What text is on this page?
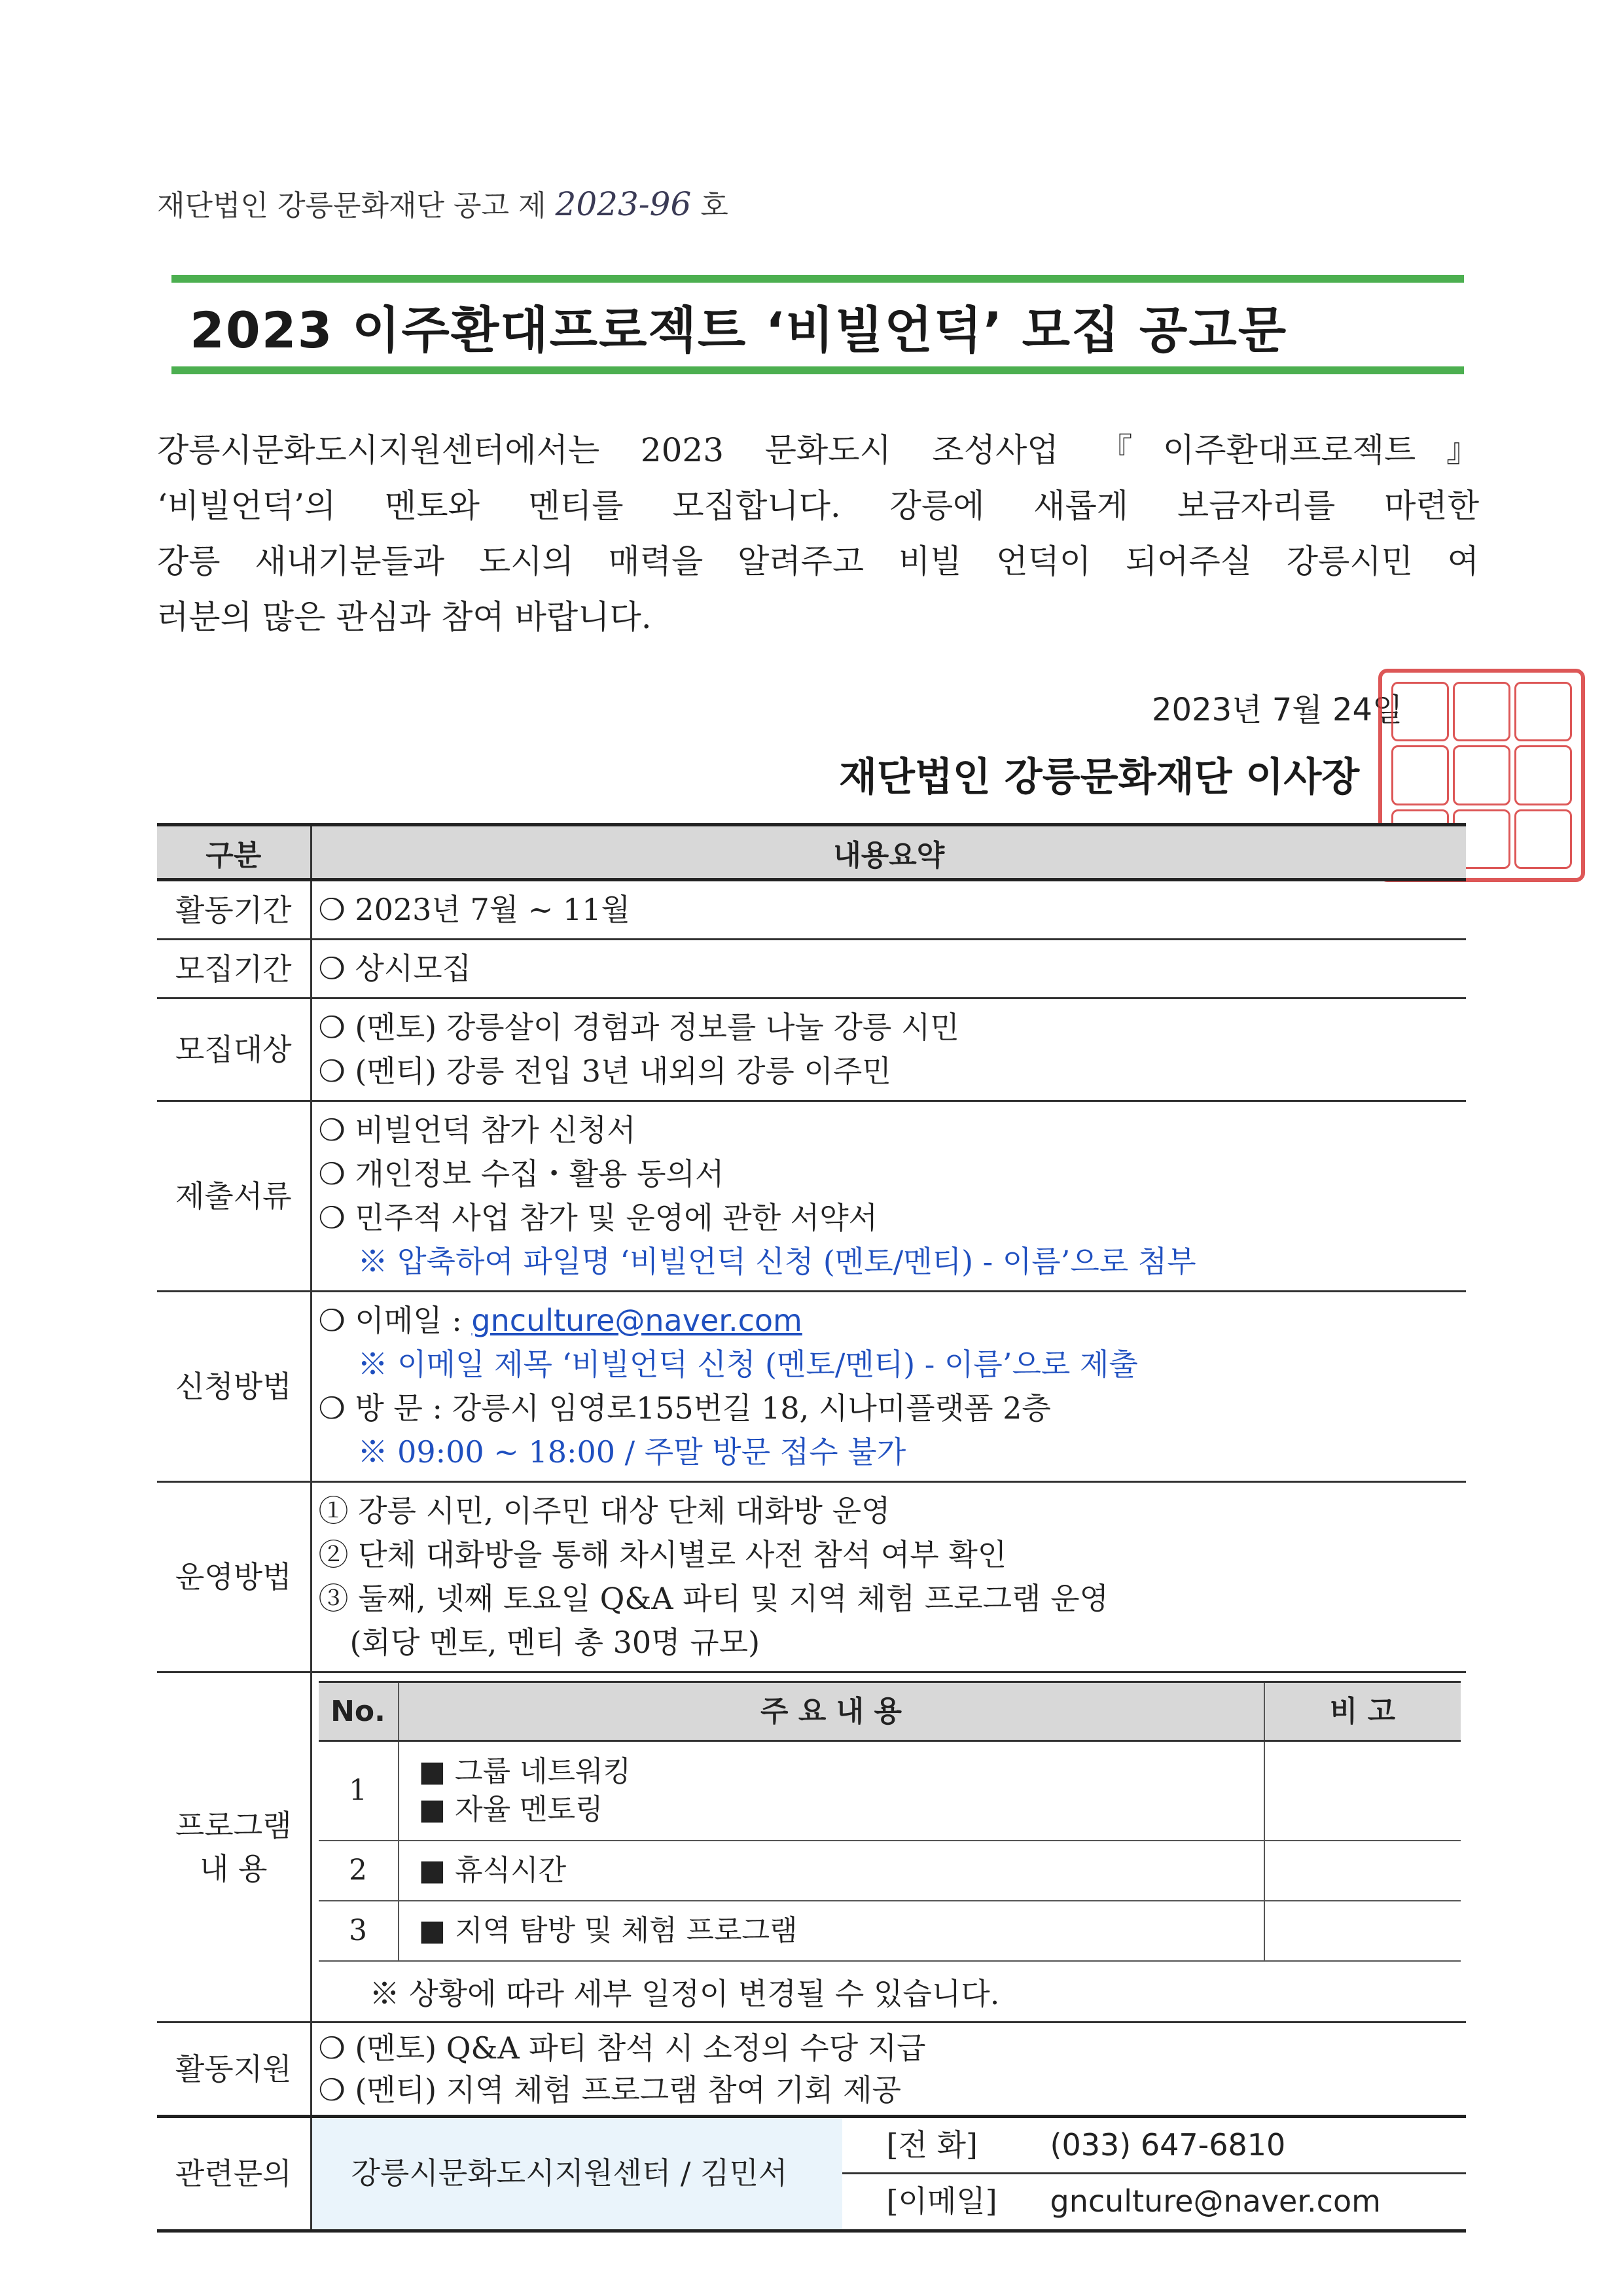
재단법인 강릉문화재단 공고 제 2023-96 호
2023 이주환대프로젝트 ‘비빌언덕’ 모집 공고문

강릉시문화도시지원센터에서는 2023 문화도시 조성사업 『이주환대프로젝트』

‘비빌언덕’의 멘토와 멘티를 모집합니다. 강릉에 새롭게 보금자리를 마련한

강릉 새내기분들과 도시의 매력을 알려주고 비빌 언덕이 되어주실 강릉시민 여

러분의 많은 관심과 참여 바랍니다.

2023년 7월 24일
재단법인 강릉문화재단 이사장
구분	내용요약
활동기간	❍ 2023년 7월 ~ 11월
모집기간	❍ 상시모집
모집대상	
❍ (멘토) 강릉살이 경험과 정보를 나눌 강릉 시민
❍ (멘티) 강릉 전입 3년 내외의 강릉 이주민

제출서류	
❍ 비빌언덕 참가 신청서
❍ 개인정보 수집・활용 동의서
❍ 민주적 사업 참가 및 운영에 관한 서약서
※ 압축하여 파일명 ‘비빌언덕 신청 (멘토/멘티) - 이름’으로 첨부

신청방법	
❍ 이메일 : gnculture@naver.com
※ 이메일 제목 ‘비빌언덕 신청 (멘토/멘티) - 이름’으로 제출
❍ 방 문 : 강릉시 임영로155번길 18, 시나미플랫폼 2층
※ 09:00 ~ 18:00 / 주말 방문 접수 불가

운영방법	
① 강릉 시민, 이주민 대상 단체 대화방 운영
② 단체 대화방을 통해 차시별로 사전 참석 여부 확인
③ 둘째, 넷째 토요일 Q&A 파티 및 지역 체험 프로그램 운영
(회당 멘토, 멘티 총 30명 규모)

프로그램
내 용

No.	주 요 내 용	비 고
1	
■ 그룹 네트워킹
■ 자율 멘토링

2	■ 휴식시간

3	■ 지역 탐방 및 체험 프로그램

※ 상황에 따라 세부 일정이 변경될 수 있습니다.

활동지원	
❍ (멘토) Q&A 파티 참석 시 소정의 수당 지급
❍ (멘티) 지역 체험 프로그램 참여 기회 제공

관련문의	강릉시문화도시지원센터 / 김민서
[전 화]	(033) 647-6810
[이메일]	gnculture@naver.com
